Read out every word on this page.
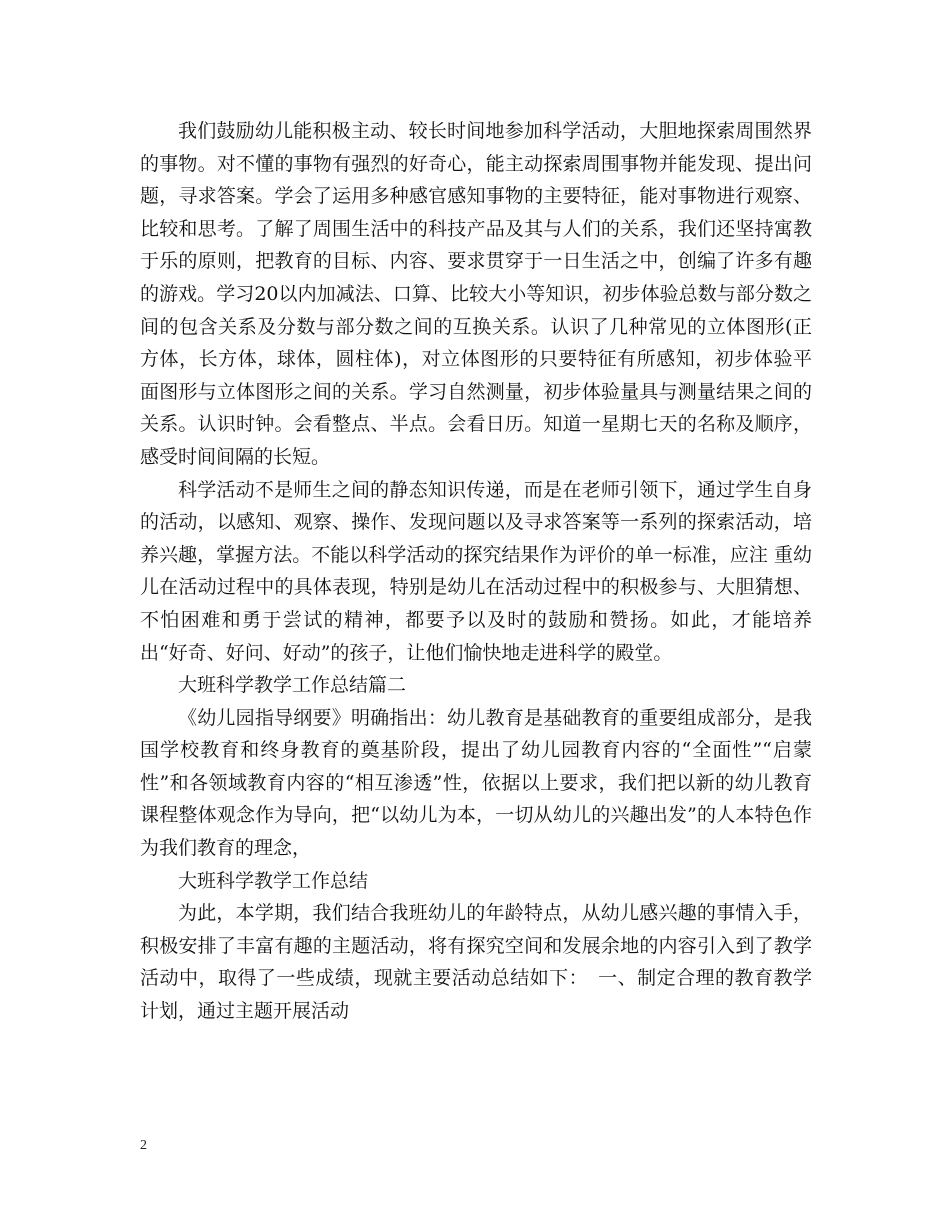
我们鼓励幼儿能积极主动、较长时间地参加科学活动，大胆地探索周围然界的事物。对不懂的事物有强烈的好奇心，能主动探索周围事物并能发现、提出问题，寻求答案。学会了运用多种感官感知事物的主要特征，能对事物进行观察、比较和思考。了解了周围生活中的科技产品及其与人们的关系，我们还坚持寓教于乐的原则，把教育的目标、内容、要求贯穿于一日生活之中，创编了许多有趣的游戏。学习20以内加减法、口算、比较大小等知识，初步体验总数与部分数之间的包含关系及分数与部分数之间的互换关系。认识了几种常见的立体图形(正方体，长方体，球体，圆柱体)，对立体图形的只要特征有所感知，初步体验平面图形与立体图形之间的关系。学习自然测量，初步体验量具与测量结果之间的关系。认识时钟。会看整点、半点。会看日历。知道一星期七天的名称及顺序，感受时间间隔的长短。

科学活动不是师生之间的静态知识传递，而是在老师引领下，通过学生自身的活动，以感知、观察、操作、发现问题以及寻求答案等一系列的探索活动，培养兴趣，掌握方法。不能以科学活动的探究结果作为评价的单一标准，应注 重幼儿在活动过程中的具体表现，特别是幼儿在活动过程中的积极参与、大胆猜想、不怕困难和勇于尝试的精神，都要予以及时的鼓励和赞扬。如此，才能培养出“好奇、好问、好动”的孩子，让他们愉快地走进科学的殿堂。

大班科学教学工作总结篇二

《幼儿园指导纲要》明确指出：幼儿教育是基础教育的重要组成部分，是我国学校教育和终身教育的奠基阶段，提出了幼儿园教育内容的“全面性”“启蒙性”和各领域教育内容的“相互渗透”性，依据以上要求，我们把以新的幼儿教育课程整体观念作为导向，把“以幼儿为本，一切从幼儿的兴趣出发”的人本特色作为我们教育的理念，

大班科学教学工作总结

为此，本学期，我们结合我班幼儿的年龄特点，从幼儿感兴趣的事情入手，积极安排了丰富有趣的主题活动，将有探究空间和发展余地的内容引入到了教学活动中，取得了一些成绩，现就主要活动总结如下：　一、制定合理的教育教学计划，通过主题开展活动

2
